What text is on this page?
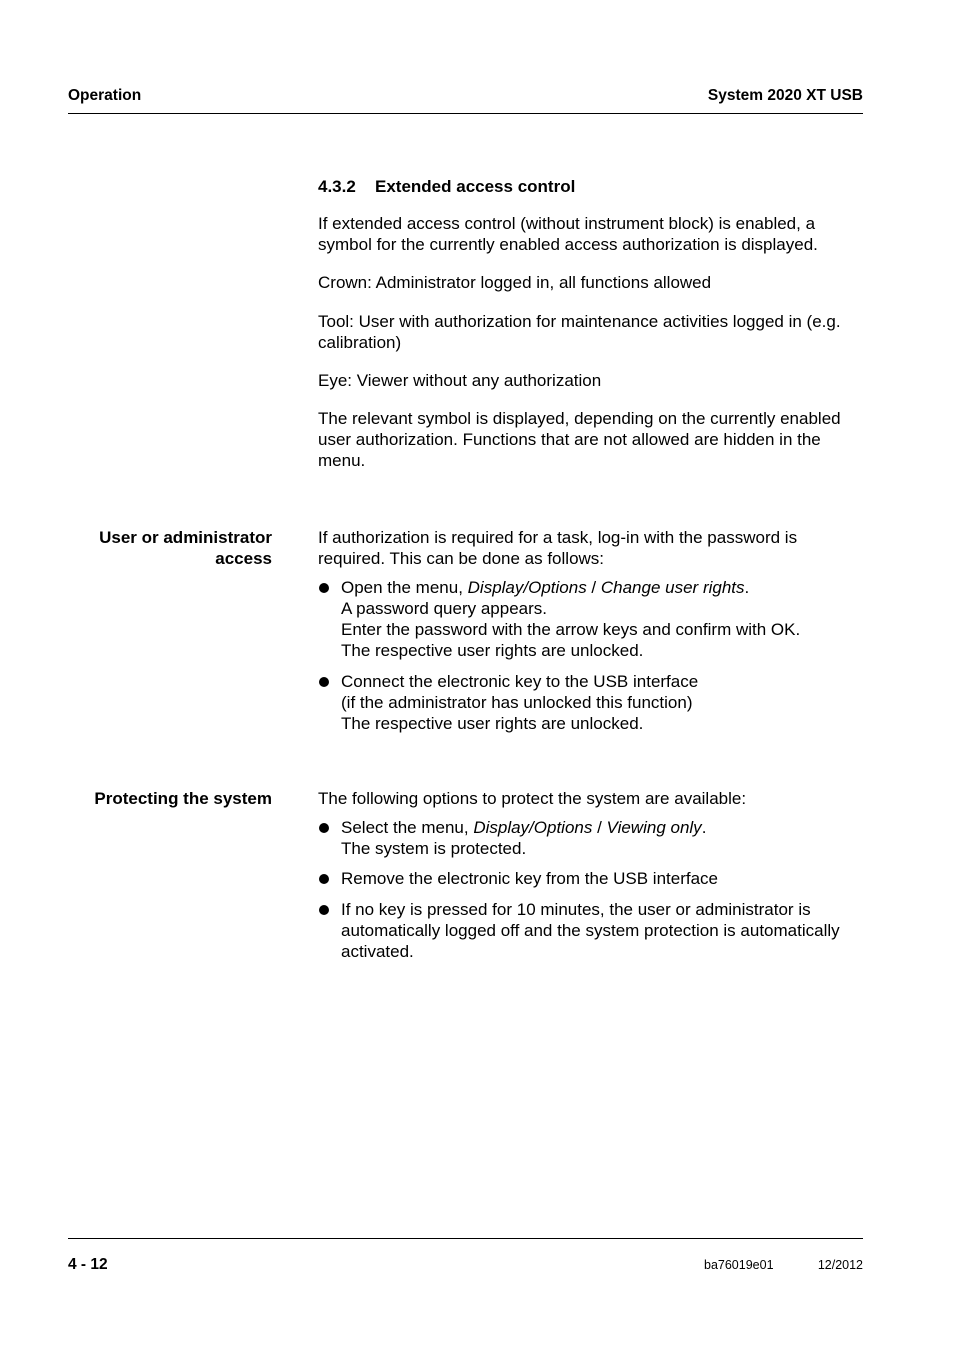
Operation	System 2020 XT USB
4.3.2 Extended access control

If extended access control (without instrument block) is enabled, a symbol for the currently enabled access authorization is displayed.

Crown: Administrator logged in, all functions allowed

Tool: User with authorization for maintenance activities logged in (e.g. calibration)

Eye: Viewer without any authorization

The relevant symbol is displayed, depending on the currently enabled user authorization. Functions that are not allowed are hidden in the menu.

User or administrator
access

If authorization is required for a task, log-in with the password is required. This can be done as follows:

Open the menu, Display/Options / Change user rights.
A password query appears.
Enter the password with the arrow keys and confirm with OK.
The respective user rights are unlocked.
Connect the electronic key to the USB interface
(if the administrator has unlocked this function)
The respective user rights are unlocked.
Protecting the system	The following options to protect the system are available:

Select the menu, Display/Options / Viewing only.
The system is protected.
Remove the electronic key from the USB interface
If no key is pressed for 10 minutes, the user or administrator is automatically logged off and the system protection is automatically activated.
4 - 12	ba76019e01	12/2012
